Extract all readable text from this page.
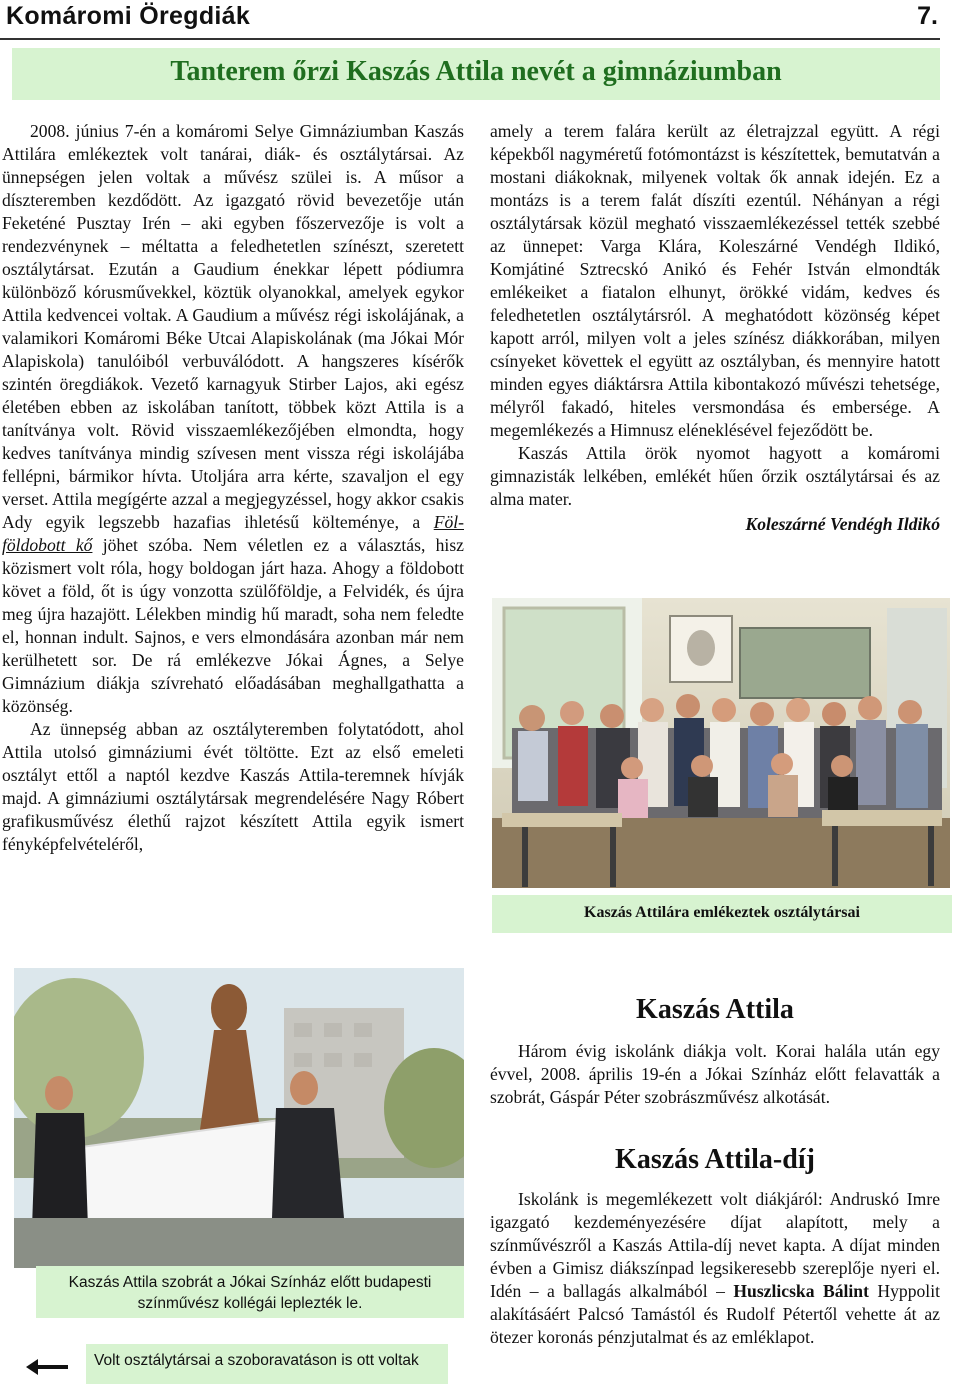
Komáromi Öregdiák	7.
Tanterem őrzi Kaszás Attila nevét a gimnáziumban

2008. június 7-én a komáromi Selye Gimnáziumban Kaszás Attilára emlékeztek volt tanárai, diák- és osztálytársai. Az ünnepségen jelen voltak a művész szülei is. A műsor a díszteremben kezdődött. Az igazgató rövid bevezetője után Feketéné Pusztay Irén – aki egyben főszervezője is volt a rendezvénynek – méltatta a feledhetetlen színészt, szeretett osztálytársat. Ezután a Gaudium énekkar lépett pódiumra különböző kórusművekkel, köztük olyanokkal, amelyek egykor Attila kedvencei voltak. A Gaudium a művész régi iskolájának, a valamikori Komáromi Béke Utcai Alapiskolának (ma Jókai Mór Alapiskola) tanulóiból verbuválódott. A hangszeres kísérők szintén öregdiákok. Vezető karnagyuk Stirber Lajos, aki egész életében ebben az iskolában tanított, többek közt Attila is a tanítványa volt. Rövid visszaemlékezőjében elmondta, hogy kedves tanítványa mindig szívesen ment vissza régi iskolájába fellépni, bármikor hívta. Utoljára arra kérte, szavaljon el egy verset. Attila megígérte azzal a megjegyzéssel, hogy akkor csakis Ady egyik legszebb hazafias ihletésű költeménye, a Föl-földobott kő jöhet szóba. Nem véletlen ez a választás, hisz közismert volt róla, hogy boldogan járt haza. Ahogy a földobott követ a föld, őt is úgy vonzotta szülőföldje, a Felvidék, és újra meg újra hazajött. Lélekben mindig hű maradt, soha nem feledte el, honnan indult. Sajnos, e vers elmondására azonban már nem kerülhetett sor. De rá emlékezve Jókai Ágnes, a Selye Gimnázium diákja szívreható előadásában meghallgathatta a közönség.

Az ünnepség abban az osztályteremben folytatódott, ahol Attila utolsó gimnáziumi évét töltötte. Ezt az első emeleti osztályt ettől a naptól kezdve Kaszás Attila-teremnek hívják majd. A gimnáziumi osztálytársak megrendelésére Nagy Róbert grafikusművész élethű rajzot készített Attila egyik ismert fényképfelvételéről,

amely a terem falára került az életrajzzal együtt. A régi képekből nagyméretű fotómontázst is készítettek, bemutatván a mostani diákoknak, milyenek voltak ők annak idején. Ez a montázs is a terem falát díszíti ezentúl. Néhányan a régi osztálytársak közül megható visszaemlékezéssel tették szebbé az ünnepet: Varga Klára, Koleszárné Vendégh Ildikó, Komjátiné Sztrecskó Anikó és Fehér István elmondták emlékeiket a fiatalon elhunyt, örökké vidám, kedves és feledhetetlen osztálytársról. A meghatódott közönség képet kapott arról, milyen volt a jeles színész diákkorában, milyen csínyeket követtek el együtt az osztályban, és mennyire hatott minden egyes diáktársra Attila kibontakozó művészi tehetsége, mélyről fakadó, hiteles versmondása és embersége. A megemlékezés a Himnusz eléneklésével fejeződött be.

Kaszás Attila örök nyomot hagyott a komáromi gimnazisták lelkében, emlékét hűen őrzik osztálytársai és az alma mater.

Koleszárné Vendégh Ildikó

Kaszás Attilára emlékeztek osztálytársai
Kaszás Attila szobrát a Jókai Színház előtt budapesti színművész kollégái leplezték le.
Volt osztálytársai a szoboravatáson is ott voltak
Kaszás Attila

Három évig iskolánk diákja volt. Korai halála után egy évvel, 2008. április 19-én a Jókai Színház előtt felavatták a szobrát, Gáspár Péter szobrászművész alkotását.

Kaszás Attila-díj

Iskolánk is megemlékezett volt diákjáról: Andruskó Imre igazgató kezdeményezésére díjat alapított, mely a színművészről a Kaszás Attila-díj nevet kapta. A díjat minden évben a Gimisz diákszínpad legsikeresebb szereplője nyeri el. Idén – a ballagás alkalmából – Huszlicska Bálint Hyppolit alakításáért Palcsó Tamástól és Rudolf Pétertől vehette át az ötezer koronás pénzjutalmat és az emléklapot.
